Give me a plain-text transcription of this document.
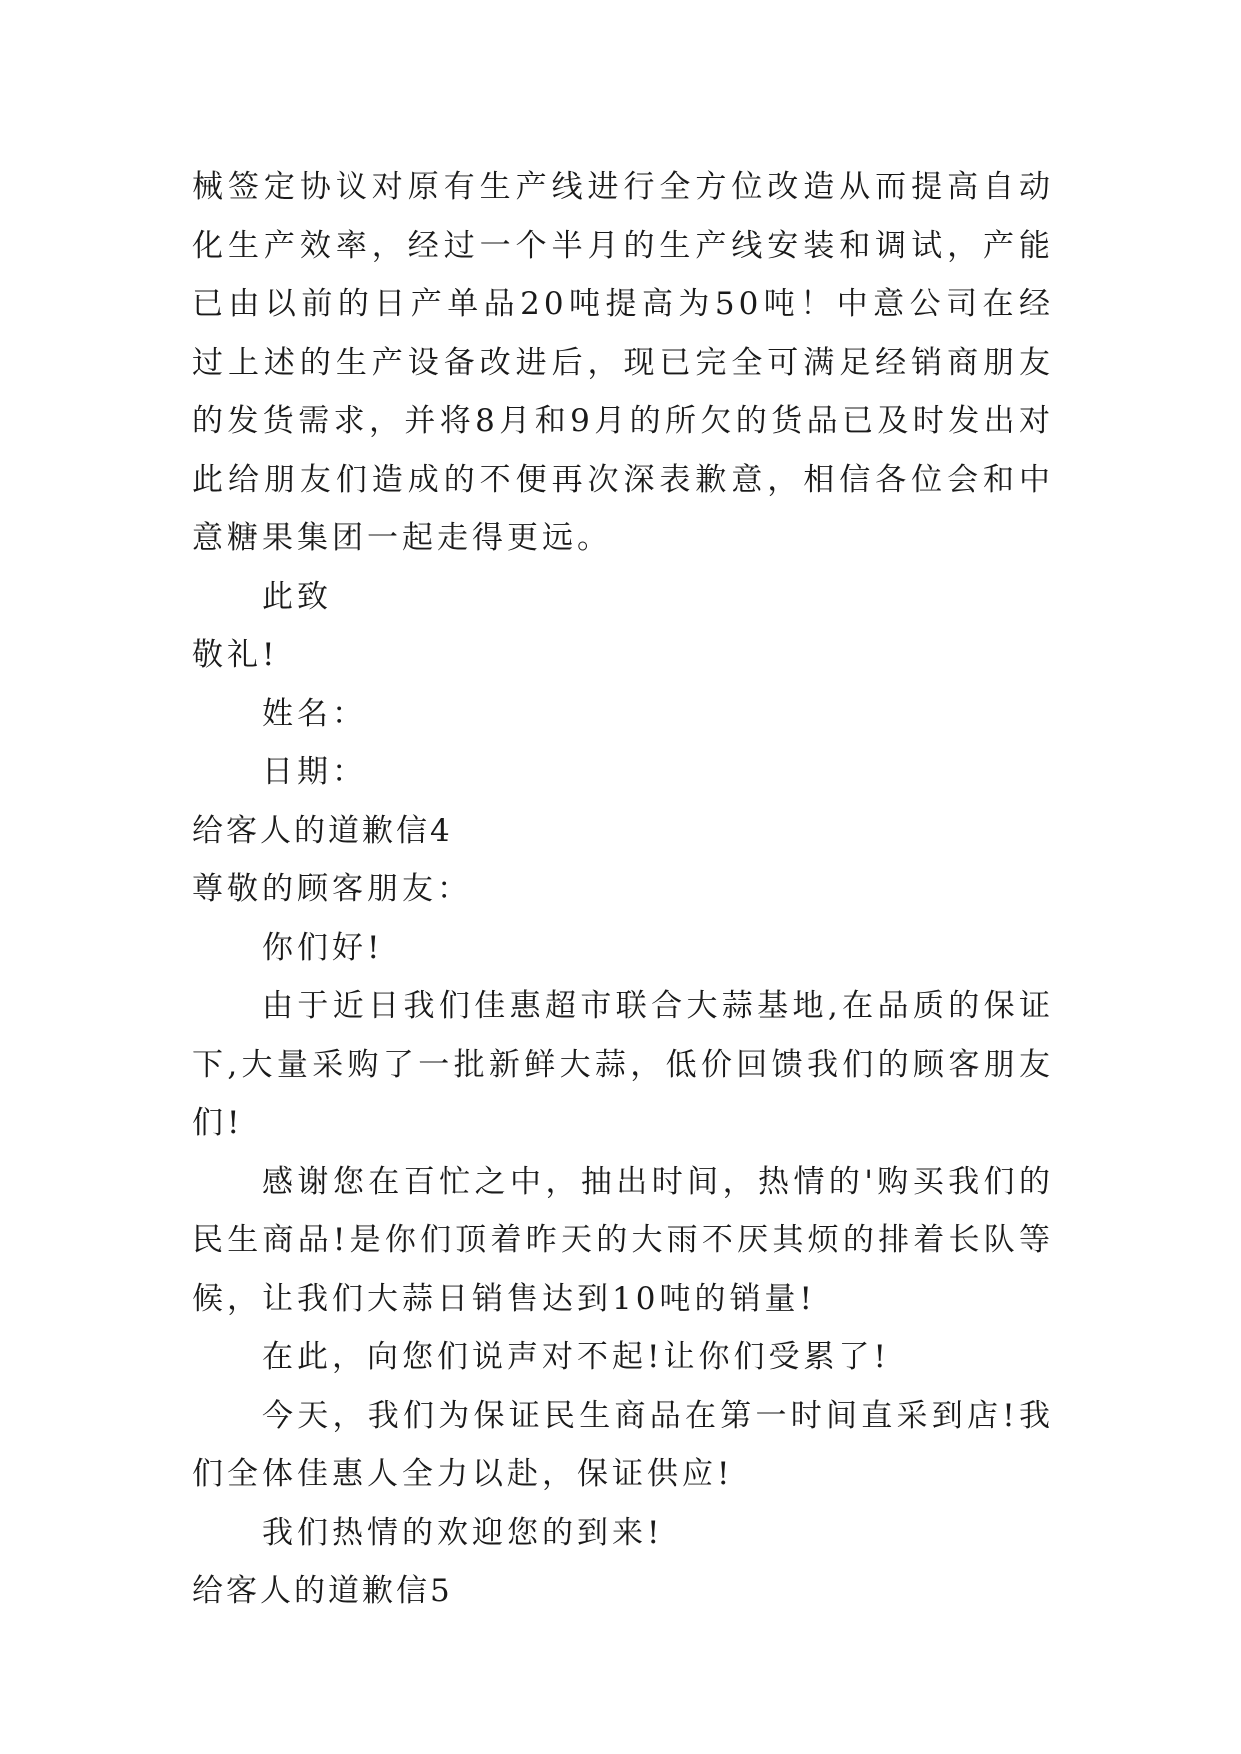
械签定协议对原有生产线进行全方位改造从而提高自动化生产效率，经过一个半月的生产线安装和调试，产能已由以前的日产单品20吨提高为50吨！中意公司在经过上述的生产设备改进后，现已完全可满足经销商朋友的发货需求，并将8月和9月的所欠的货品已及时发出对此给朋友们造成的不便再次深表歉意，相信各位会和中意糖果集团一起走得更远。

此致

敬礼!

姓名：

日期：

给客人的道歉信4

尊敬的顾客朋友：

你们好!

由于近日我们佳惠超市联合大蒜基地,在品质的保证下,大量采购了一批新鲜大蒜，低价回馈我们的顾客朋友们!

感谢您在百忙之中，抽出时间，热情的'购买我们的民生商品!是你们顶着昨天的大雨不厌其烦的排着长队等候，让我们大蒜日销售达到10吨的销量!

在此，向您们说声对不起!让你们受累了!

今天，我们为保证民生商品在第一时间直采到店!我们全体佳惠人全力以赴，保证供应!

我们热情的欢迎您的到来!

给客人的道歉信5
